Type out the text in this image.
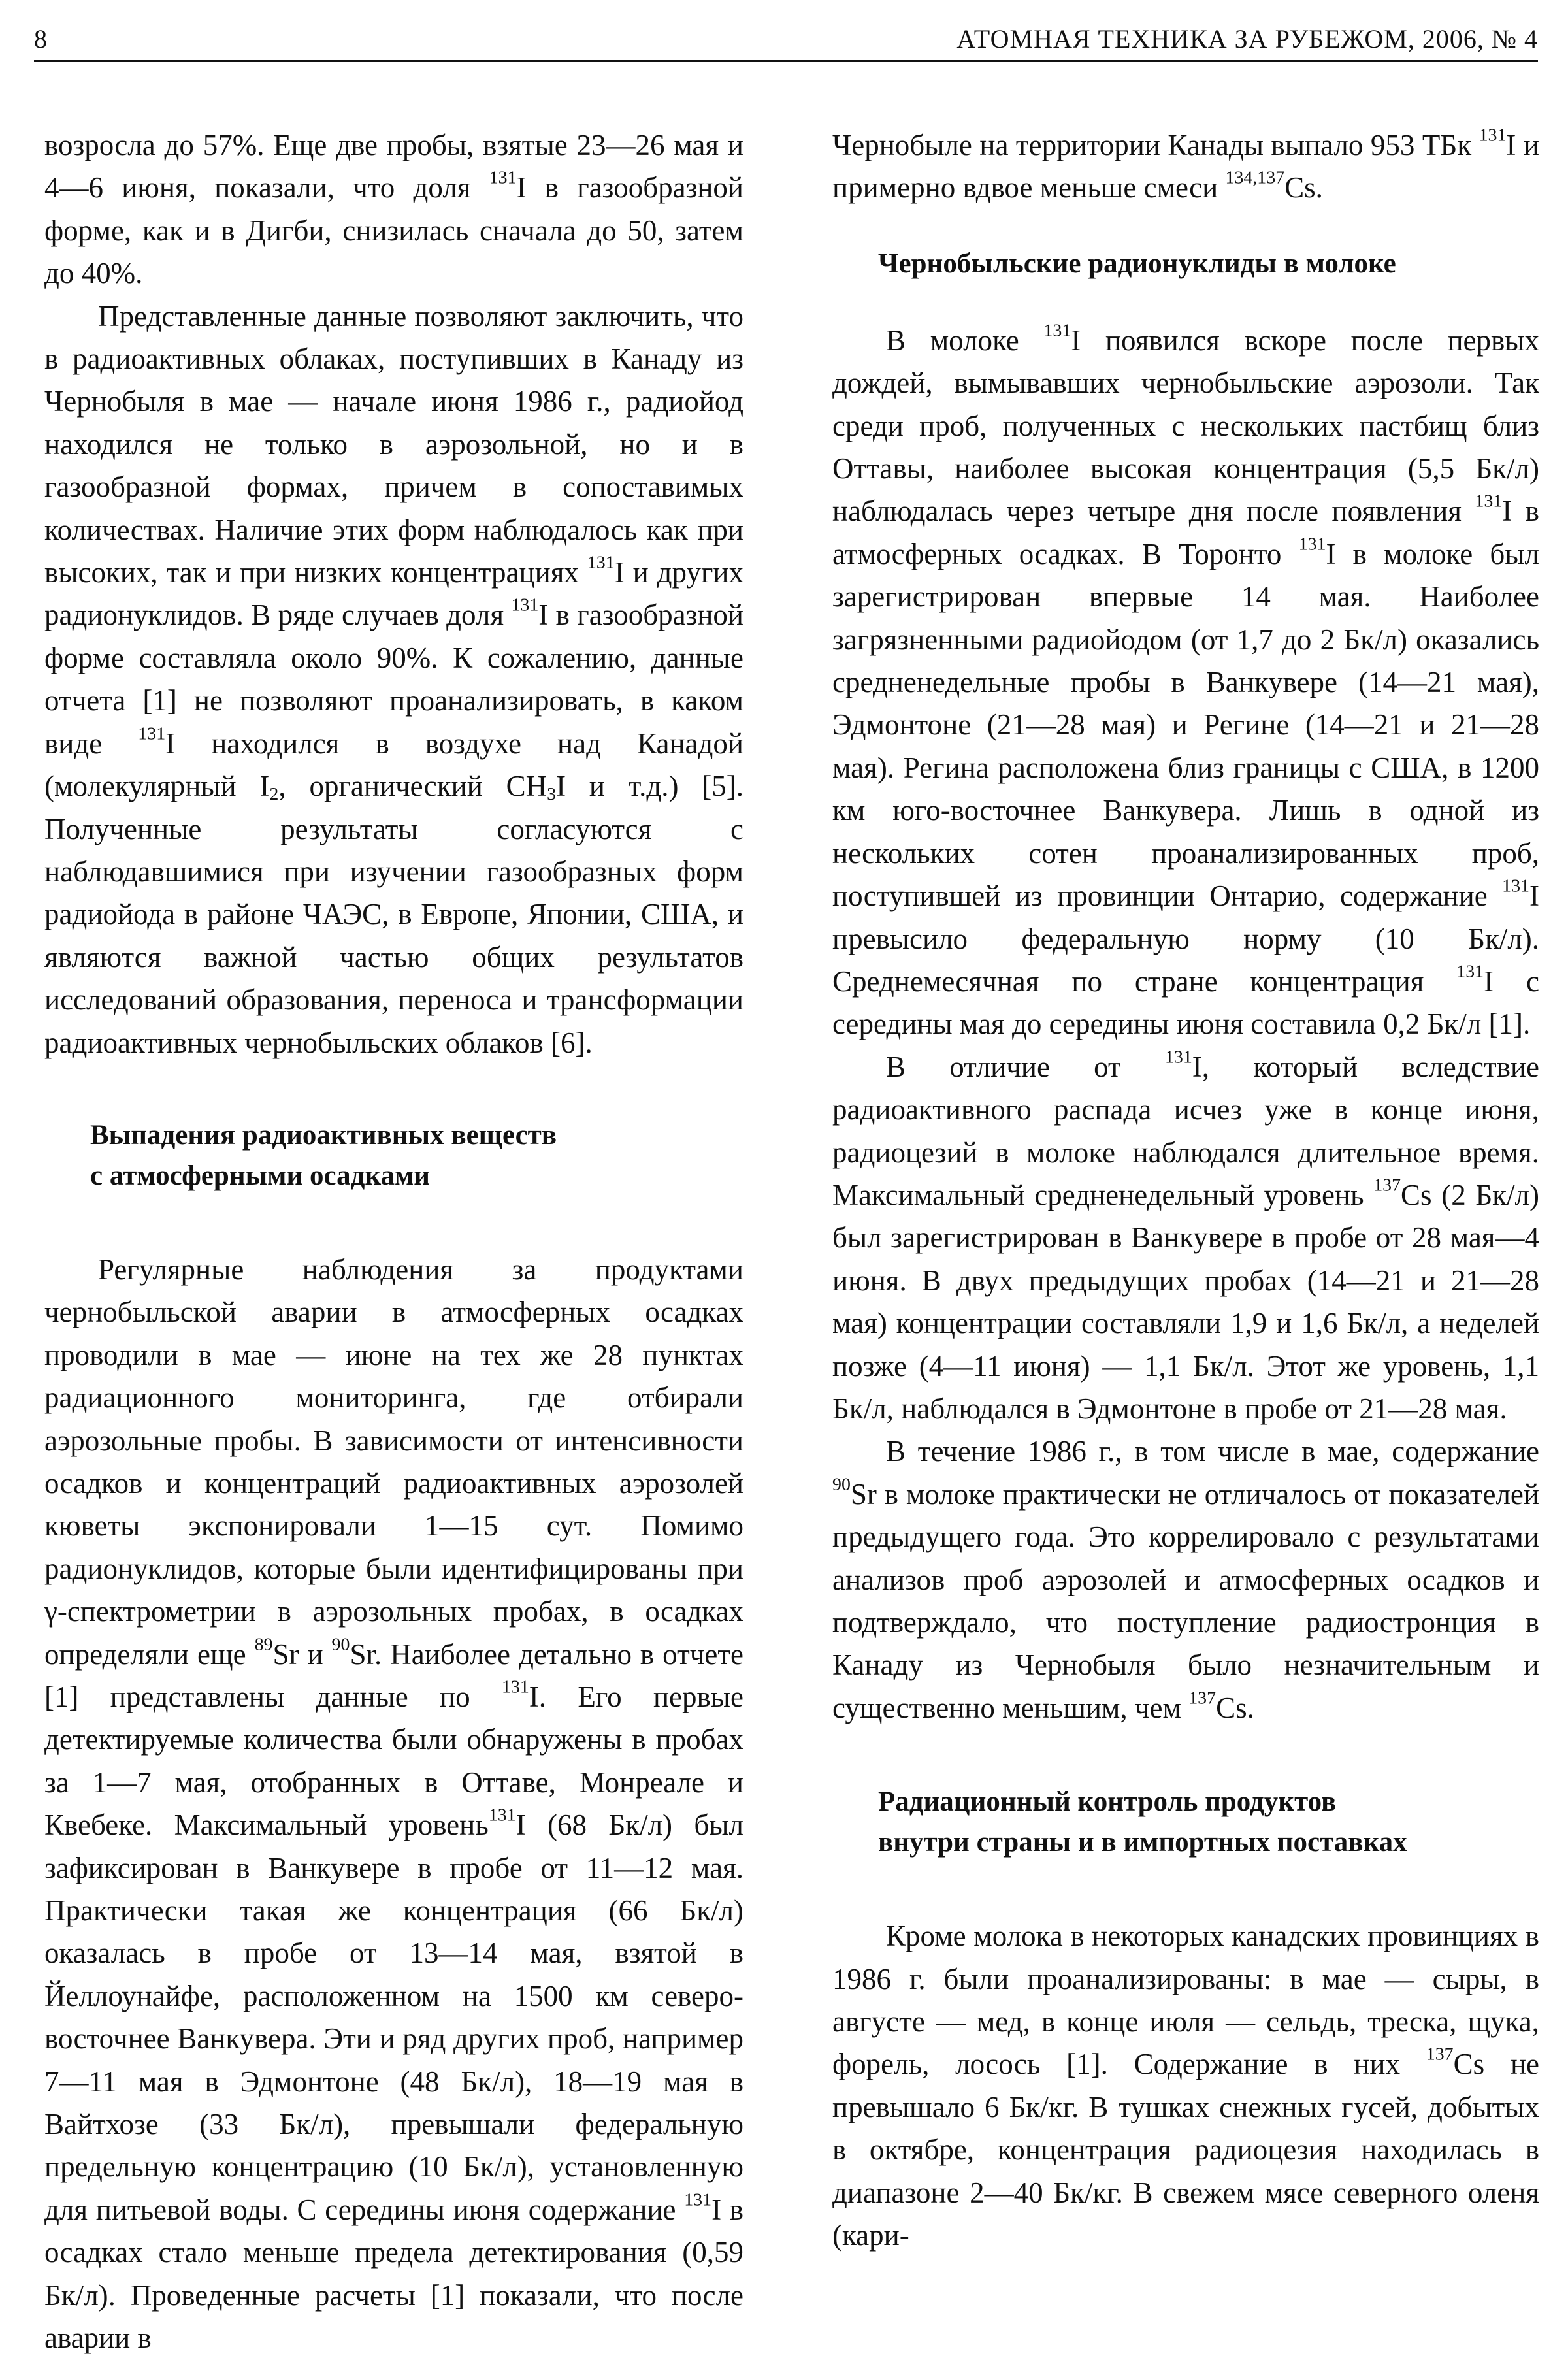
8	АТОМНАЯ ТЕХНИКА ЗА РУБЕЖОМ, 2006, № 4

возросла до 57%. Еще две пробы, взятые 23—26 мая и 4—6 июня, показали, что доля $^{131}$I в газообразной форме, как и в Дигби, снизилась сначала до 50, затем до 40%.

Представленные данные позволяют заключить, что в радиоактивных облаках, поступивших в Канаду из Чернобыля в мае — начале июня 1986 г., радиойод находился не только в аэрозольной, но и в газообразной формах, причем в сопоставимых количествах. Наличие этих форм наблюдалось как при высоких, так и при низких концентрациях $^{131}$I и других радионуклидов. В ряде случаев доля $^{131}$I в газообразной форме составляла около 90%. К сожалению, данные отчета [1] не позволяют проанализировать, в каком виде $^{131}$I находился в воздухе над Канадой (молекулярный $I_2$, органический $CH_3I$ и т.д.) [5]. Полученные результаты согласуются с наблюдавшимися при изучении газообразных форм радиойода в районе ЧАЭС, в Европе, Японии, США, и являются важной частью общих результатов исследований образования, переноса и трансформации радиоактивных чернобыльских облаков [6].

Выпадения радиоактивных веществ
с атмосферными осадками

Регулярные наблюдения за продуктами чернобыльской аварии в атмосферных осадках проводили в мае — июне на тех же 28 пунктах радиационного мониторинга, где отбирали аэрозольные пробы. В зависимости от интенсивности осадков и концентраций радиоактивных аэрозолей кюветы экспонировали 1—15 сут. Помимо радионуклидов, которые были идентифицированы при γ-спектрометрии в аэрозольных пробах, в осадках определяли еще $^{89}$Sr и $^{90}$Sr. Наиболее детально в отчете [1] представлены данные по $^{131}$I. Его первые детектируемые количества были обнаружены в пробах за 1—7 мая, отобранных в Оттаве, Монреале и Квебеке. Максимальный уровень$^{131}$I (68 Бк/л) был зафиксирован в Ванкувере в пробе от 11—12 мая. Практически такая же концентрация (66 Бк/л) оказалась в пробе от 13—14 мая, взятой в Йеллоунайфе, расположенном на 1500 км северо-восточнее Ванкувера. Эти и ряд других проб, например 7—11 мая в Эдмонтоне (48 Бк/л), 18—19 мая в Вайтхозе (33 Бк/л), превышали федеральную предельную концентрацию (10 Бк/л), установленную для питьевой воды. С середины июня содержание $^{131}$I в осадках стало меньше предела детектирования (0,59 Бк/л). Проведенные расчеты [1] показали, что после аварии в

Чернобыле на территории Канады выпало 953 ТБк $^{131}$I и примерно вдвое меньше смеси $^{134,137}$Cs.

Чернобыльские радионуклиды в молоке

В молоке $^{131}$I появился вскоре после первых дождей, вымывавших чернобыльские аэрозоли. Так среди проб, полученных с нескольких пастбищ близ Оттавы, наиболее высокая концентрация (5,5 Бк/л) наблюдалась через четыре дня после появления $^{131}$I в атмосферных осадках. В Торонто $^{131}$I в молоке был зарегистрирован впервые 14 мая. Наиболее загрязненными радиойодом (от 1,7 до 2 Бк/л) оказались средненедельные пробы в Ванкувере (14—21 мая), Эдмонтоне (21—28 мая) и Регине (14—21 и 21—28 мая). Регина расположена близ границы с США, в 1200 км юго-восточнее Ванкувера. Лишь в одной из нескольких сотен проанализированных проб, поступившей из провинции Онтарио, содержание $^{131}$I превысило федеральную норму (10 Бк/л). Среднемесячная по стране концентрация $^{131}$I с середины мая до середины июня составила 0,2 Бк/л [1].

В отличие от $^{131}$I, который вследствие радиоактивного распада исчез уже в конце июня, радиоцезий в молоке наблюдался длительное время. Максимальный средненедельный уровень $^{137}$Cs (2 Бк/л) был зарегистрирован в Ванкувере в пробе от 28 мая—4 июня. В двух предыдущих пробах (14—21 и 21—28 мая) концентрации составляли 1,9 и 1,6 Бк/л, а неделей позже (4—11 июня) — 1,1 Бк/л. Этот же уровень, 1,1 Бк/л, наблюдался в Эдмонтоне в пробе от 21—28 мая.

В течение 1986 г., в том числе в мае, содержание $^{90}$Sr в молоке практически не отличалось от показателей предыдущего года. Это коррелировало с результатами анализов проб аэрозолей и атмосферных осадков и подтверждало, что поступление радиостронция в Канаду из Чернобыля было незначительным и существенно меньшим, чем $^{137}$Cs.

Радиационный контроль продуктов
внутри страны и в импортных поставках

Кроме молока в некоторых канадских провинциях в 1986 г. были проанализированы: в мае — сыры, в августе — мед, в конце июля — сельдь, треска, щука, форель, лосось [1]. Содержание в них $^{137}$Cs не превышало 6 Бк/кг. В тушках снежных гусей, добытых в октябре, концентрация радиоцезия находилась в диапазоне 2—40 Бк/кг. В свежем мясе северного оленя (кари-
